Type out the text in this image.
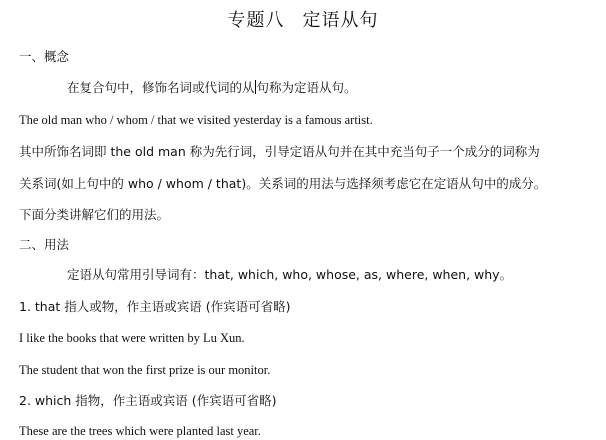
专题八 定语从句
一、概念
在复合句中，修饰名词或代词的从 句称为定语从句。
The old man who / whom / that we visited yesterday is a famous artist.
其中所饰名词即 the old man 称为先行词，引导定语从句并在其中充当句子一个成分的词称为
关系词(如上句中的 who / whom / that)。关系词的用法与选择须考虑它在定语从句中的成分。
下面分类讲解它们的用法。
二、用法
定语从句常用引导词有：that, which, who, whose, as, where, when, why。
1. that 指人或物，作主语或宾语 (作宾语可省略)
I like the books that were written by Lu Xun.
The student that won the first prize is our monitor.
2. which 指物，作主语或宾语 (作宾语可省略)
These are the trees which were planted last year.
